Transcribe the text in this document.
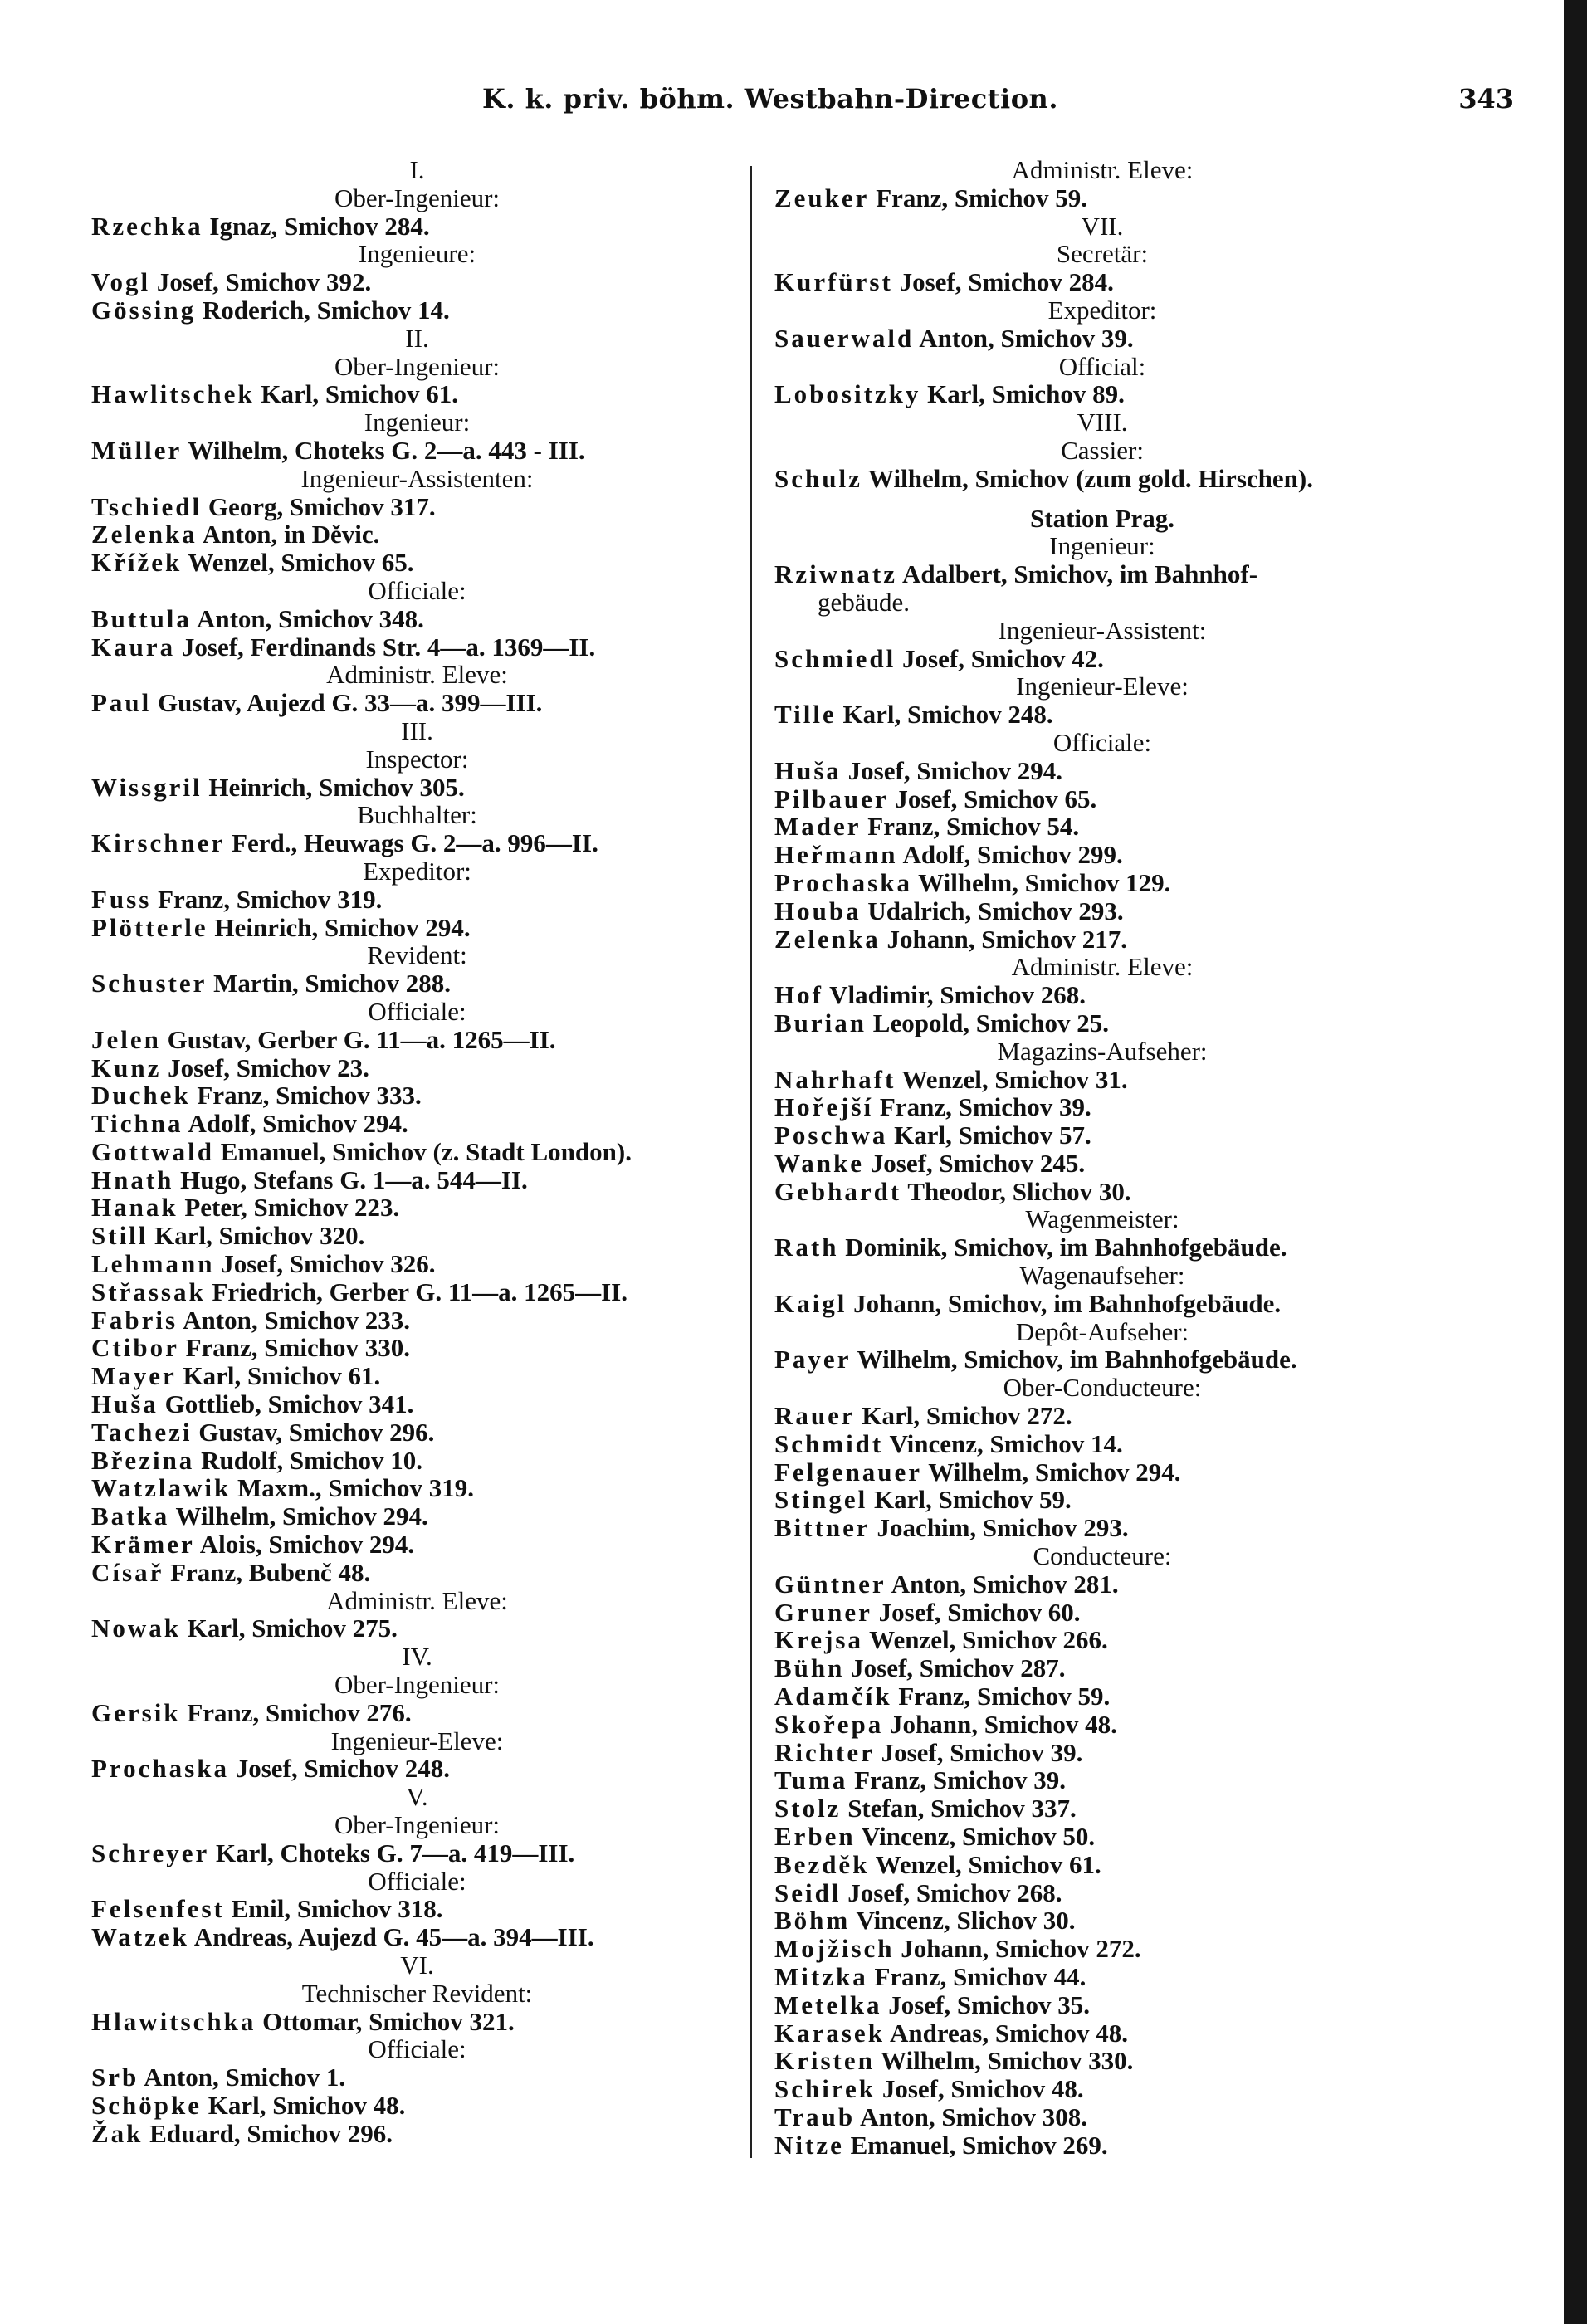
K. k. priv. böhm. Westbahn-Direction.	343
I.
Ober-Ingenieur:
Rzechka Ignaz, Smichov 284.
Ingenieure:
Vogl Josef, Smichov 392.
Gössing Roderich, Smichov 14.
II.
Ober-Ingenieur:
Hawlitschek Karl, Smichov 61.
Ingenieur:
Müller Wilhelm, Choteks G. 2—a. 443 - III.
Ingenieur-Assistenten:
Tschiedl Georg, Smichov 317.
Zelenka Anton, in Děvic.
Křížek Wenzel, Smichov 65.
Officiale:
Buttula Anton, Smichov 348.
Kaura Josef, Ferdinands Str. 4—a. 1369—II.
Administr. Eleve:
Paul Gustav, Aujezd G. 33—a. 399—III.
III.
Inspector:
Wissgril Heinrich, Smichov 305.
Buchhalter:
Kirschner Ferd., Heuwags G. 2—a. 996—II.
Expeditor:
Fuss Franz, Smichov 319.
Plötterle Heinrich, Smichov 294.
Revident:
Schuster Martin, Smichov 288.
Officiale:
Jelen Gustav, Gerber G. 11—a. 1265—II.
Kunz Josef, Smichov 23.
Duchek Franz, Smichov 333.
Tichna Adolf, Smichov 294.
Gottwald Emanuel, Smichov (z. Stadt London).
Hnath Hugo, Stefans G. 1—a. 544—II.
Hanak Peter, Smichov 223.
Still Karl, Smichov 320.
Lehmann Josef, Smichov 326.
Střassak Friedrich, Gerber G. 11—a. 1265—II.
Fabris Anton, Smichov 233.
Ctibor Franz, Smichov 330.
Mayer Karl, Smichov 61.
Huša Gottlieb, Smichov 341.
Tachezi Gustav, Smichov 296.
Březina Rudolf, Smichov 10.
Watzlawik Maxm., Smichov 319.
Batka Wilhelm, Smichov 294.
Krämer Alois, Smichov 294.
Císař Franz, Bubenč 48.
Administr. Eleve:
Nowak Karl, Smichov 275.
IV.
Ober-Ingenieur:
Gersik Franz, Smichov 276.
Ingenieur-Eleve:
Prochaska Josef, Smichov 248.
V.
Ober-Ingenieur:
Schreyer Karl, Choteks G. 7—a. 419—III.
Officiale:
Felsenfest Emil, Smichov 318.
Watzek Andreas, Aujezd G. 45—a. 394—III.
VI.
Technischer Revident:
Hlawitschka Ottomar, Smichov 321.
Officiale:
Srb Anton, Smichov 1.
Schöpke Karl, Smichov 48.
Žak Eduard, Smichov 296.
Administr. Eleve:
Zeuker Franz, Smichov 59.
VII.
Secretär:
Kurfürst Josef, Smichov 284.
Expeditor:
Sauerwald Anton, Smichov 39.
Official:
Lobositzky Karl, Smichov 89.
VIII.
Cassier:
Schulz Wilhelm, Smichov (zum gold. Hirschen).
Station Prag.
Ingenieur:
Rziwnatz Adalbert, Smichov, im Bahnhof-
gebäude.
Ingenieur-Assistent:
Schmiedl Josef, Smichov 42.
Ingenieur-Eleve:
Tille Karl, Smichov 248.
Officiale:
Huša Josef, Smichov 294.
Pilbauer Josef, Smichov 65.
Mader Franz, Smichov 54.
Heřmann Adolf, Smichov 299.
Prochaska Wilhelm, Smichov 129.
Houba Udalrich, Smichov 293.
Zelenka Johann, Smichov 217.
Administr. Eleve:
Hof Vladimir, Smichov 268.
Burian Leopold, Smichov 25.
Magazins-Aufseher:
Nahrhaft Wenzel, Smichov 31.
Hořejší Franz, Smichov 39.
Poschwa Karl, Smichov 57.
Wanke Josef, Smichov 245.
Gebhardt Theodor, Slichov 30.
Wagenmeister:
Rath Dominik, Smichov, im Bahnhofgebäude.
Wagenaufseher:
Kaigl Johann, Smichov, im Bahnhofgebäude.
Depôt-Aufseher:
Payer Wilhelm, Smichov, im Bahnhofgebäude.
Ober-Conducteure:
Rauer Karl, Smichov 272.
Schmidt Vincenz, Smichov 14.
Felgenauer Wilhelm, Smichov 294.
Stingel Karl, Smichov 59.
Bittner Joachim, Smichov 293.
Conducteure:
Güntner Anton, Smichov 281.
Gruner Josef, Smichov 60.
Krejsa Wenzel, Smichov 266.
Bühn Josef, Smichov 287.
Adamčík Franz, Smichov 59.
Skořepa Johann, Smichov 48.
Richter Josef, Smichov 39.
Tuma Franz, Smichov 39.
Stolz Stefan, Smichov 337.
Erben Vincenz, Smichov 50.
Bezděk Wenzel, Smichov 61.
Seidl Josef, Smichov 268.
Böhm Vincenz, Slichov 30.
Mojžisch Johann, Smichov 272.
Mitzka Franz, Smichov 44.
Metelka Josef, Smichov 35.
Karasek Andreas, Smichov 48.
Kristen Wilhelm, Smichov 330.
Schirek Josef, Smichov 48.
Traub Anton, Smichov 308.
Nitze Emanuel, Smichov 269.
